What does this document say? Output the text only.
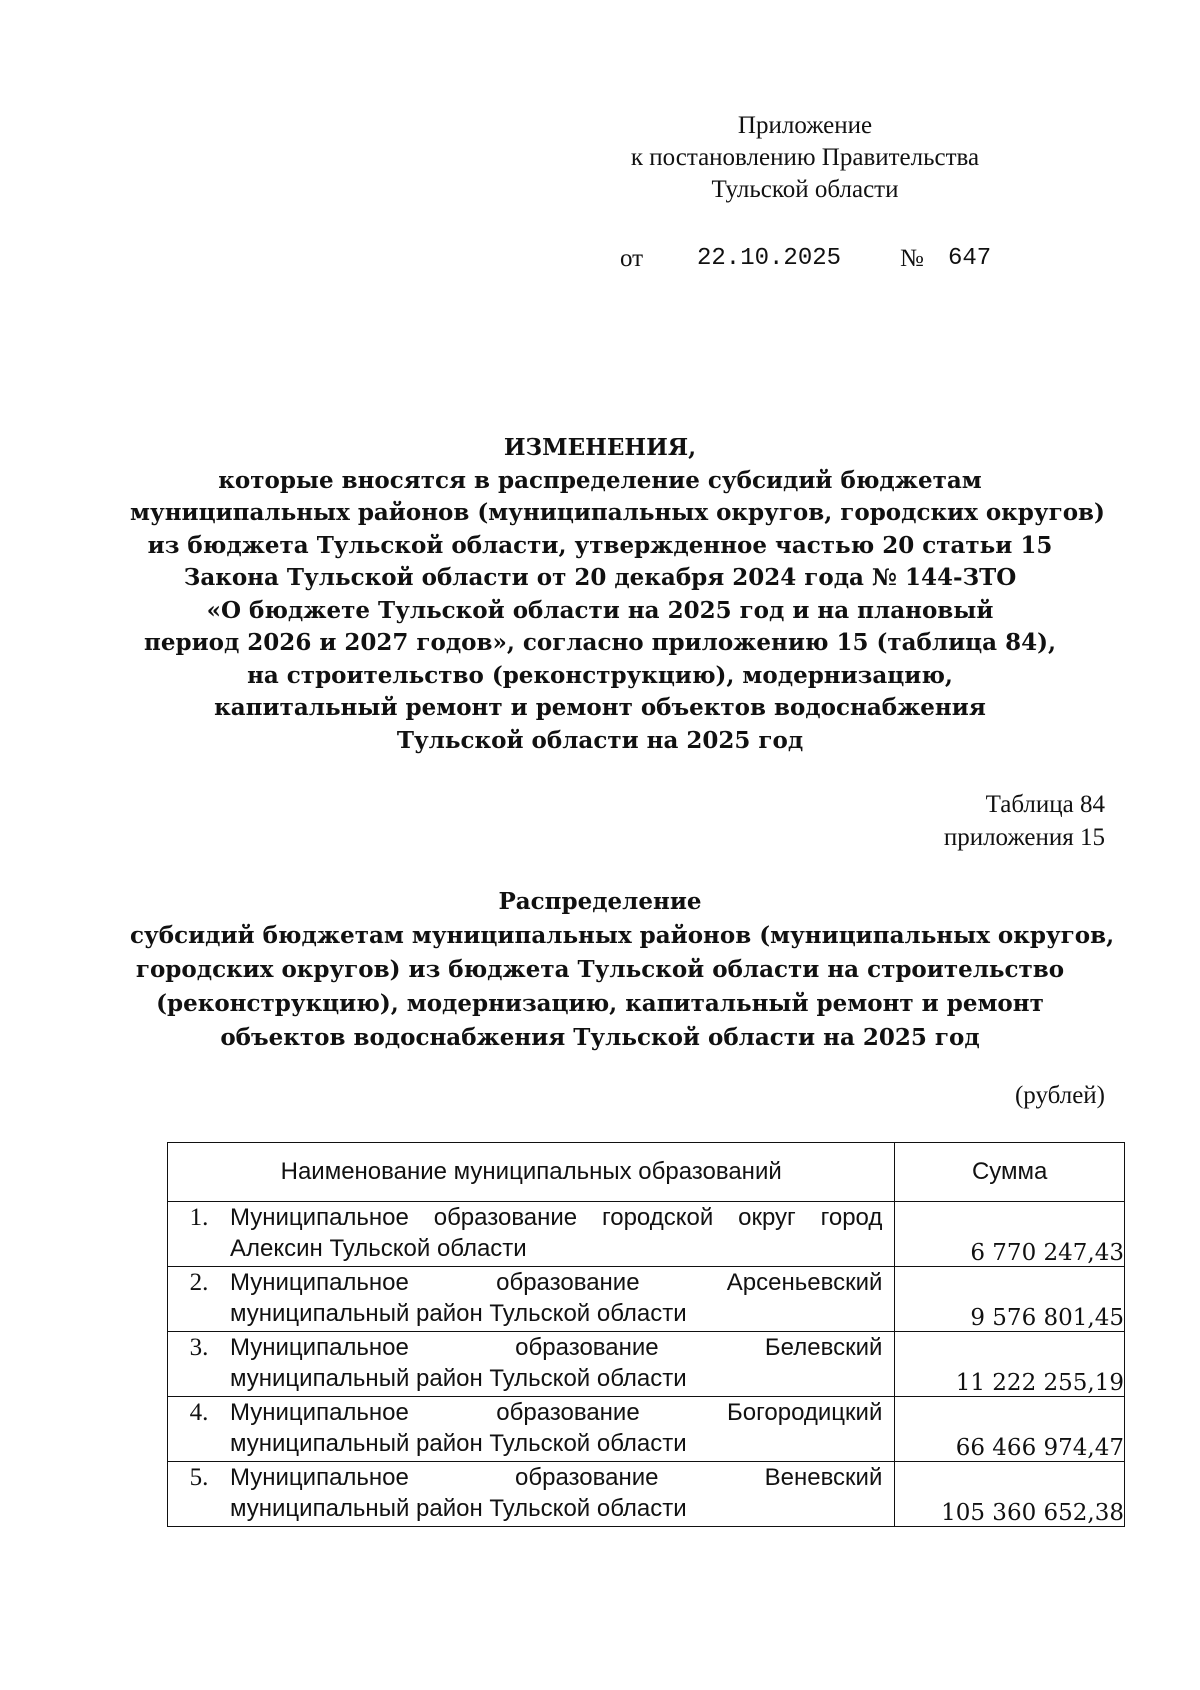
Приложение
к постановлению Правительства
Тульской области
от 22.10.2025 № 647
ИЗМЕНЕНИЯ,
которые вносятся в распределение субсидий бюджетам
муниципальных районов (муниципальных округов, городских округов)
из бюджета Тульской области, утвержденное частью 20 статьи 15
Закона Тульской области от 20 декабря 2024 года № 144-ЗТО
«О бюджете Тульской области на 2025 год и на плановый
период 2026 и 2027 годов», согласно приложению 15 (таблица 84),
на строительство (реконструкцию), модернизацию,
капитальный ремонт и ремонт объектов водоснабжения
Тульской области на 2025 год
Таблица 84
приложения 15
Распределение
субсидий бюджетам муниципальных районов (муниципальных округов,
городских округов) из бюджета Тульской области на строительство
(реконструкцию), модернизацию, капитальный ремонт и ремонт
объектов водоснабжения Тульской области на 2025 год
(рублей)
Наименование муниципальных образований	Сумма

1. Муниципальное образование городской округ город
Алексин Тульской области	6 770 247,43

2. Муниципальное образование Арсеньевский
муниципальный район Тульской области	9 576 801,45

3. Муниципальное образование Белевский
муниципальный район Тульской области	11 222 255,19

4. Муниципальное образование Богородицкий
муниципальный район Тульской области	66 466 974,47

5. Муниципальное образование Веневский
муниципальный район Тульской области	105 360 652,38
